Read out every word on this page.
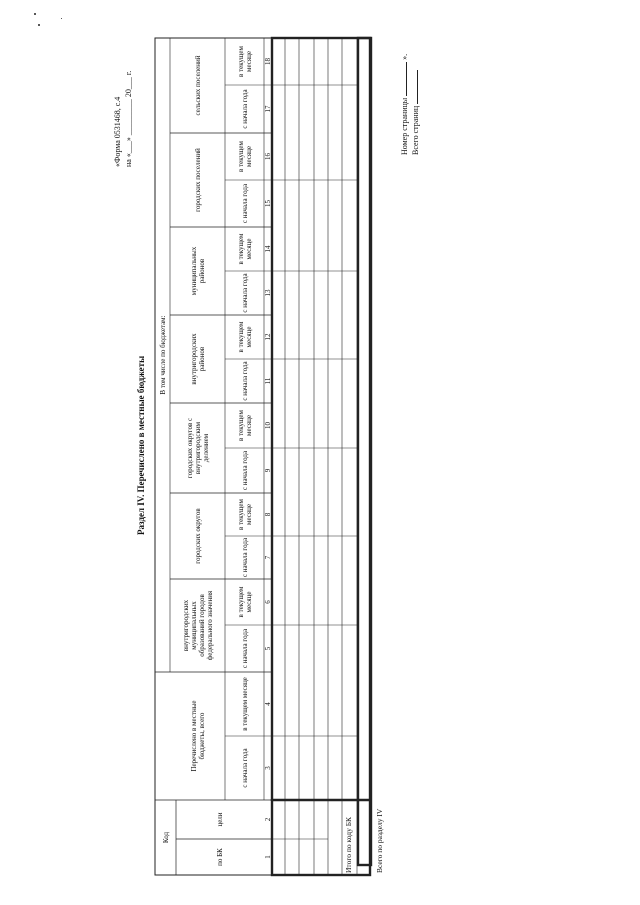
«Форма 0531468, с.4 на «___» _________ 20___ г.
Раздел IV. Перечислено в местные бюджеты
Код
по БК
цели
Перечислено в местные бюджеты, всего
В том числе по бюджетам:
внутригородских муниципальных образований городов федерального значения
городских округов
городских округов с внутригородским делением
внутригородских районов
муниципальных районов
городских поселений
сельских поселений
с начала года
в текущем месяце
с начала года
в текущем месяце
с начала года
в текущем месяце
с начала года
в текущем месяце
с начала года
в текущем месяце
с начала года
в текущем месяце
с начала года
в текущем месяце
с начала года
в текущем месяце
1
2
3
4
5
6
7
8
9
10
11
12
13
14
15
16
17
18
Итого по коду БК	Всего по разделу IV
Номер страницы  ».
Всего страниц
